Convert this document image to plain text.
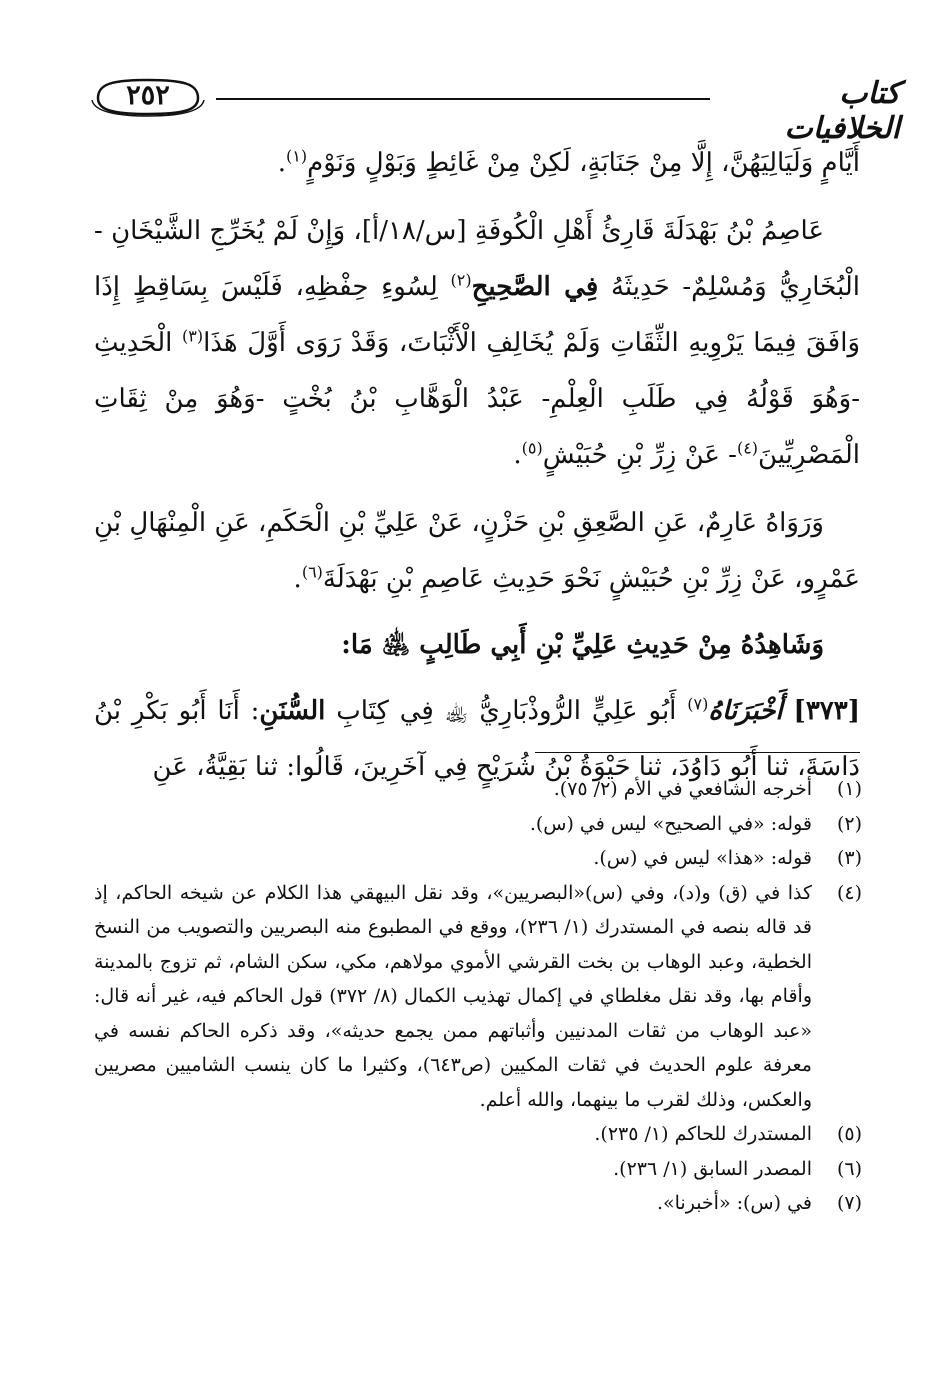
٢٥٢	كتاب الخلافيات

أَيَّامٍ وَلَيَالِيَهُنَّ، إِلَّا مِنْ جَنَابَةٍ، لَكِنْ مِنْ غَائِطٍ وَبَوْلٍ وَنَوْمٍ$^{(١)}$.

عَاصِمُ بْنُ بَهْدَلَةَ قَارِئُ أَهْلِ الْكُوفَةِ [س/١٨/أ]، وَإِنْ لَمْ يُخَرِّجِ الشَّيْخَانِ - الْبُخَارِيُّ وَمُسْلِمٌ- حَدِيثَهُ فِي الصَّحِيحِ$^{(٢)}$ لِسُوءِ حِفْظِهِ، فَلَيْسَ بِسَاقِطٍ إِذَا وَافَقَ فِيمَا يَرْوِيهِ الثِّقَاتِ وَلَمْ يُخَالِفِ الْأَثْبَاتَ، وَقَدْ رَوَى أَوَّلَ هَذَا$^{(٣)}$ الْحَدِيثِ -وَهُوَ قَوْلُهُ فِي طَلَبِ الْعِلْمِ- عَبْدُ الْوَهَّابِ بْنُ بُخْتٍ -وَهُوَ مِنْ ثِقَاتِ الْمَصْرِيِّينَ$^{(٤)}$- عَنْ زِرِّ بْنِ حُبَيْشٍ$^{(٥)}$.

وَرَوَاهُ عَارِمٌ، عَنِ الصَّعِقِ بْنِ حَزْنٍ، عَنْ عَلِيِّ بْنِ الْحَكَمِ، عَنِ الْمِنْهَالِ بْنِ عَمْرٍو، عَنْ زِرِّ بْنِ حُبَيْشٍ نَحْوَ حَدِيثِ عَاصِمِ بْنِ بَهْدَلَةَ$^{(٦)}$.

وَشَاهِدُهُ مِنْ حَدِيثِ عَلِيِّ بْنِ أَبِي طَالِبٍ ﵁ مَا:

[٣٧٣] أَخْبَرَنَاهُ$^{(٧)}$ أَبُو عَلِيٍّ الرُّوذْبَارِيُّ ﵀ فِي كِتَابِ السُّنَنِ: أَنَا أَبُو بَكْرِ بْنُ دَاسَةَ، ثنا أَبُو دَاوُدَ، ثنا حَيْوَةُ بْنُ شُرَيْحٍ فِي آخَرِينَ، قَالُوا: ثنا بَقِيَّةُ، عَنِ

(١)
أخرجه الشافعي في الأم (٢/ ٧٥).
(٢)
قوله: «في الصحيح» ليس في (س).
(٣)
قوله: «هذا» ليس في (س).
(٤)
كذا في (ق) و(د)، وفي (س)«البصريين»، وقد نقل البيهقي هذا الكلام عن شيخه الحاكم، إذ قد قاله بنصه في المستدرك (١/ ٢٣٦)، ووقع في المطبوع منه البصريين والتصويب من النسخ الخطية، وعبد الوهاب بن بخت القرشي الأموي مولاهم، مكي، سكن الشام، ثم تزوج بالمدينة وأقام بها، وقد نقل مغلطاي في إكمال تهذيب الكمال (٨/ ٣٧٢) قول الحاكم فيه، غير أنه قال: «عبد الوهاب من ثقات المدنيين وأثباتهم ممن يجمع حديثه»، وقد ذكره الحاكم نفسه في معرفة علوم الحديث في ثقات المكيين (ص٦٤٣)، وكثيرا ما كان ينسب الشاميين مصريين والعكس، وذلك لقرب ما بينهما، والله أعلم.
(٥)
المستدرك للحاكم (١/ ٢٣٥).
(٦)
المصدر السابق (١/ ٢٣٦).
(٧)
في (س): «أخبرنا».
